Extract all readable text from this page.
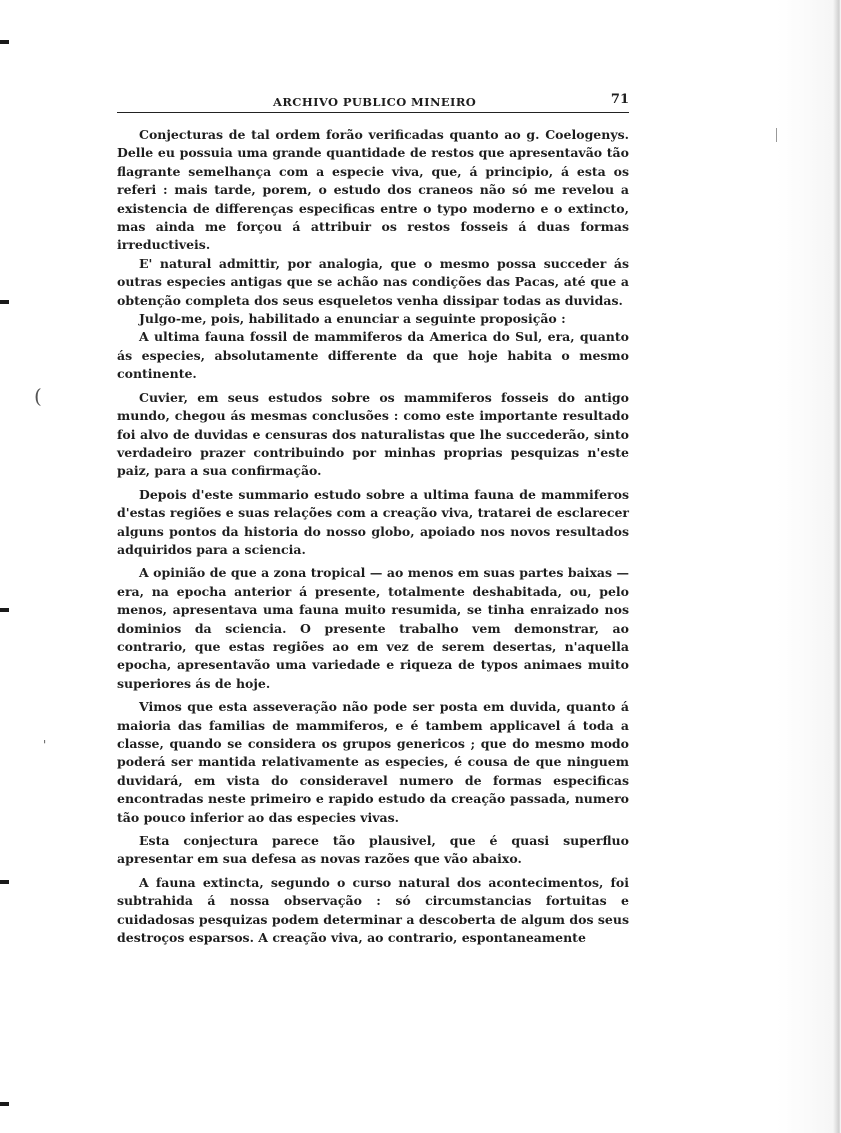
(
'
ARCHIVO PUBLICO MINEIRO	71

Conjecturas de tal ordem forão verificadas quanto ao g. Coelogenys. Delle eu possuia uma grande quantidade de restos que apresentavão tão flagrante semelhança com a especie viva, que, á principio, á esta os referi : mais tarde, porem, o estudo dos craneos não só me revelou a existencia de differenças especificas entre o typo moderno e o extincto, mas ainda me forçou á attribuir os restos fosseis á duas formas irreductiveis.

E' natural admittir, por analogia, que o mesmo possa succeder ás outras especies antigas que se achão nas condições das Pacas, até que a obtenção completa dos seus esqueletos venha dissipar todas as duvidas.

Julgo-me, pois, habilitado a enunciar a seguinte proposição :

A ultima fauna fossil de mammiferos da America do Sul, era, quanto ás especies, absolutamente differente da que hoje habita o mesmo continente.

Cuvier, em seus estudos sobre os mammiferos fosseis do antigo mundo, chegou ás mesmas conclusões : como este importante resultado foi alvo de duvidas e censuras dos naturalistas que lhe succederão, sinto verdadeiro prazer contribuindo por minhas proprias pesquizas n'este paiz, para a sua confirmação.

Depois d'este summario estudo sobre a ultima fauna de mammiferos d'estas regiões e suas relações com a creação viva, tratarei de esclarecer alguns pontos da historia do nosso globo, apoiado nos novos resultados adquiridos para a sciencia.

A opinião de que a zona tropical — ao menos em suas partes baixas — era, na epocha anterior á presente, totalmente deshabitada, ou, pelo menos, apresentava uma fauna muito resumida, se tinha enraizado nos dominios da sciencia. O presente trabalho vem demonstrar, ao contrario, que estas regiões ao em vez de serem desertas, n'aquella epocha, apresentavão uma variedade e riqueza de typos animaes muito superiores ás de hoje.

Vimos que esta asseveração não pode ser posta em duvida, quanto á maioria das familias de mammiferos, e é tambem applicavel á toda a classe, quando se considera os grupos genericos ; que do mesmo modo poderá ser mantida relativamente as especies, é cousa de que ninguem duvidará, em vista do consideravel numero de formas especificas encontradas neste primeiro e rapido estudo da creação passada, numero tão pouco inferior ao das especies vivas.

Esta conjectura parece tão plausivel, que é quasi superfluo apresentar em sua defesa as novas razões que vão abaixo.

A fauna extincta, segundo o curso natural dos acontecimentos, foi subtrahida á nossa observação : só circumstancias fortuitas e cuidadosas pesquizas podem determinar a descoberta de algum dos seus destroços esparsos. A creação viva, ao contrario, espontaneamente
